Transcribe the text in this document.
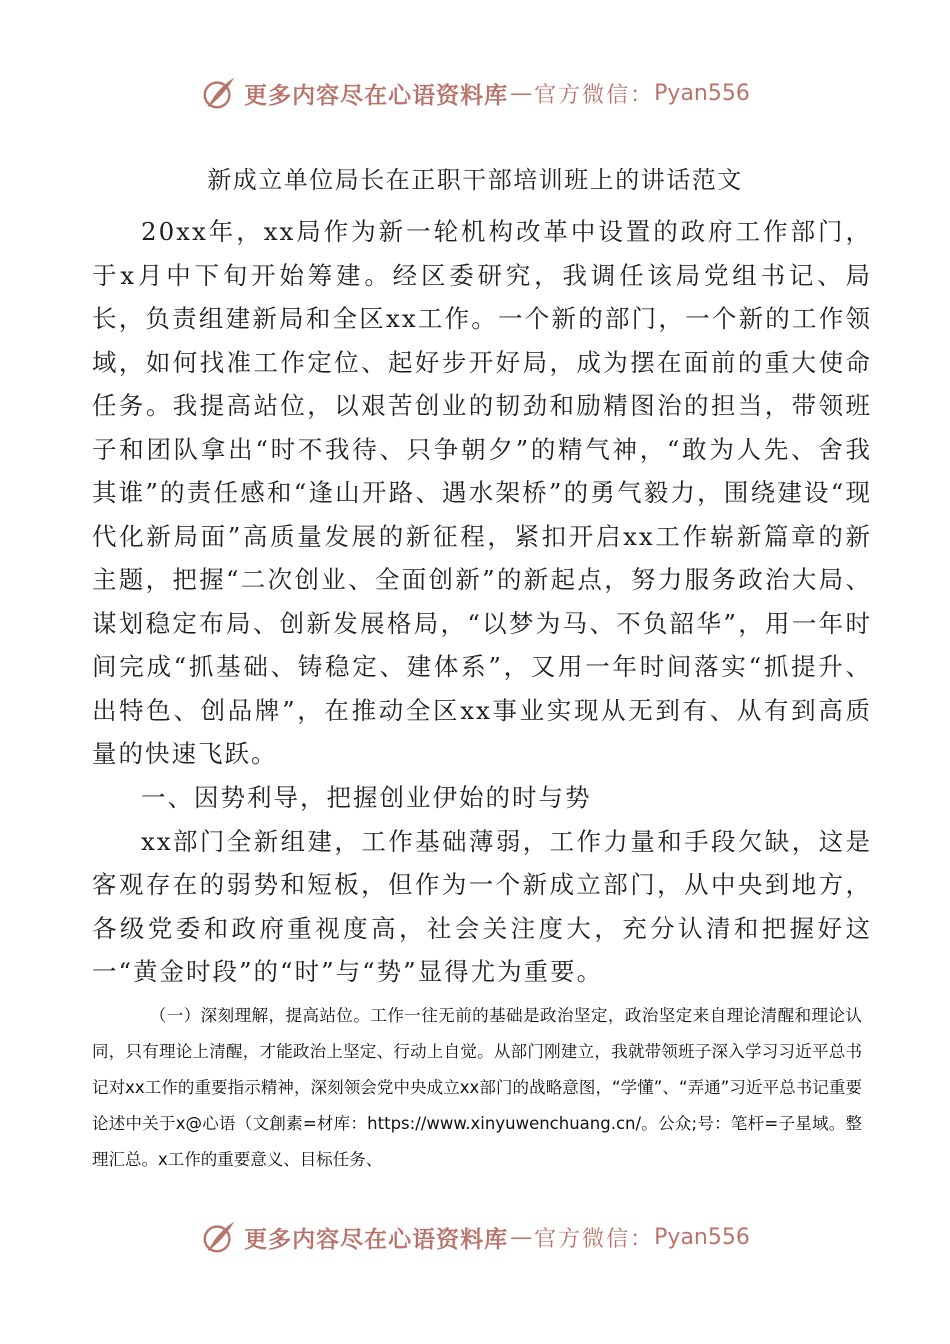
更多内容尽在心语资料库 — 官方微信： Pyan556
新成立单位局长在正职干部培训班上的讲话范文

20xx年，xx局作为新一轮机构改革中设置的政府工作部门，于x月中下旬开始筹建。经区委研究，我调任该局党组书记、局长，负责组建新局和全区xx工作。一个新的部门，一个新的工作领域，如何找准工作定位、起好步开好局，成为摆在面前的重大使命任务。我提高站位，以艰苦创业的韧劲和励精图治的担当，带领班子和团队拿出“时不我待、只争朝夕”的精气神，“敢为人先、舍我其谁”的责任感和“逢山开路、遇水架桥”的勇气毅力，围绕建设“现代化新局面”高质量发展的新征程，紧扣开启xx工作崭新篇章的新主题，把握“二次创业、全面创新”的新起点，努力服务政治大局、谋划稳定布局、创新发展格局，“以梦为马、不负韶华”，用一年时间完成“抓基础、铸稳定、建体系”，又用一年时间落实“抓提升、出特色、创品牌”，在推动全区xx事业实现从无到有、从有到高质量的快速飞跃。

一、因势利导，把握创业伊始的时与势

xx部门全新组建，工作基础薄弱，工作力量和手段欠缺，这是客观存在的弱势和短板，但作为一个新成立部门，从中央到地方，各级党委和政府重视度高，社会关注度大，充分认清和把握好这一“黄金时段”的“时”与“势”显得尤为重要。

（一）深刻理解，提高站位。工作一往无前的基础是政治坚定，政治坚定来自理论清醒和理论认同，只有理论上清醒，才能政治上坚定、行动上自觉。从部门刚建立，我就带领班子深入学习习近平总书记对xx工作的重要指示精神，深刻领会党中央成立xx部门的战略意图，“学懂”、“弄通”习近平总书记重要论述中关于x@心语（文創素=材库：https://www.xinyuwenchuang.cn/。公众;号：笔杆=子星域。整理汇总。x工作的重要意义、目标任务、

更多内容尽在心语资料库 — 官方微信： Pyan556
